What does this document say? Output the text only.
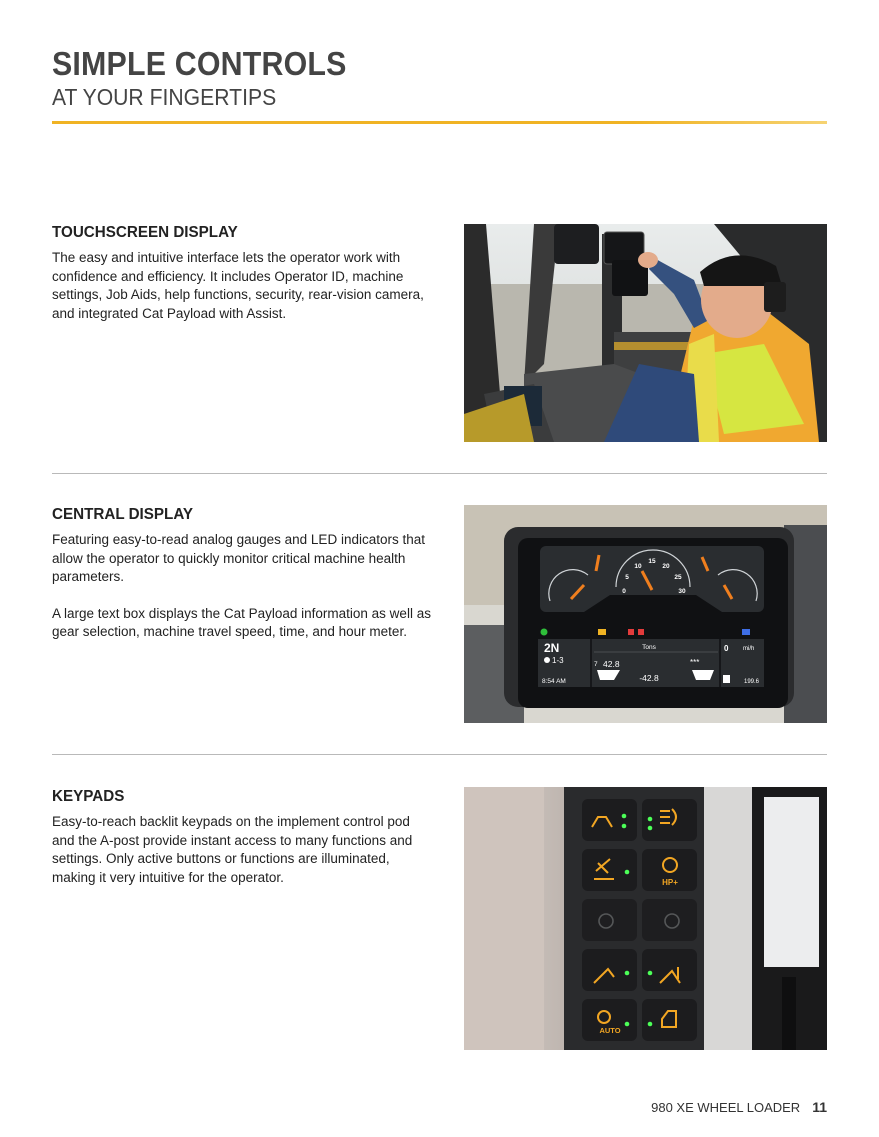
SIMPLE CONTROLS
AT YOUR FINGERTIPS
TOUCHSCREEN DISPLAY

The easy and intuitive interface lets the operator work with confidence and efficiency. It includes Operator ID, machine settings, Job Aids, help functions, security, rear-vision camera, and integrated Cat Payload with Assist.

CENTRAL DISPLAY

Featuring easy-to-read analog gauges and LED indicators that allow the operator to quickly monitor critical machine health parameters.

A large text box displays the Cat Payload information as well as gear selection, machine travel speed, time, and hour meter.

15
10	20
5	25
0	30
2N
1-3
8:54 AM
Tons
7 42.8
-42.8
***
0 mi/h
199.6
KEYPADS

Easy-to-reach backlit keypads on the implement control pod and the A-post provide instant access to many functions and settings. Only active buttons or functions are illuminated, making it very intuitive for the operator.	HP+
AUTO
980 XE WHEEL LOADER 11
